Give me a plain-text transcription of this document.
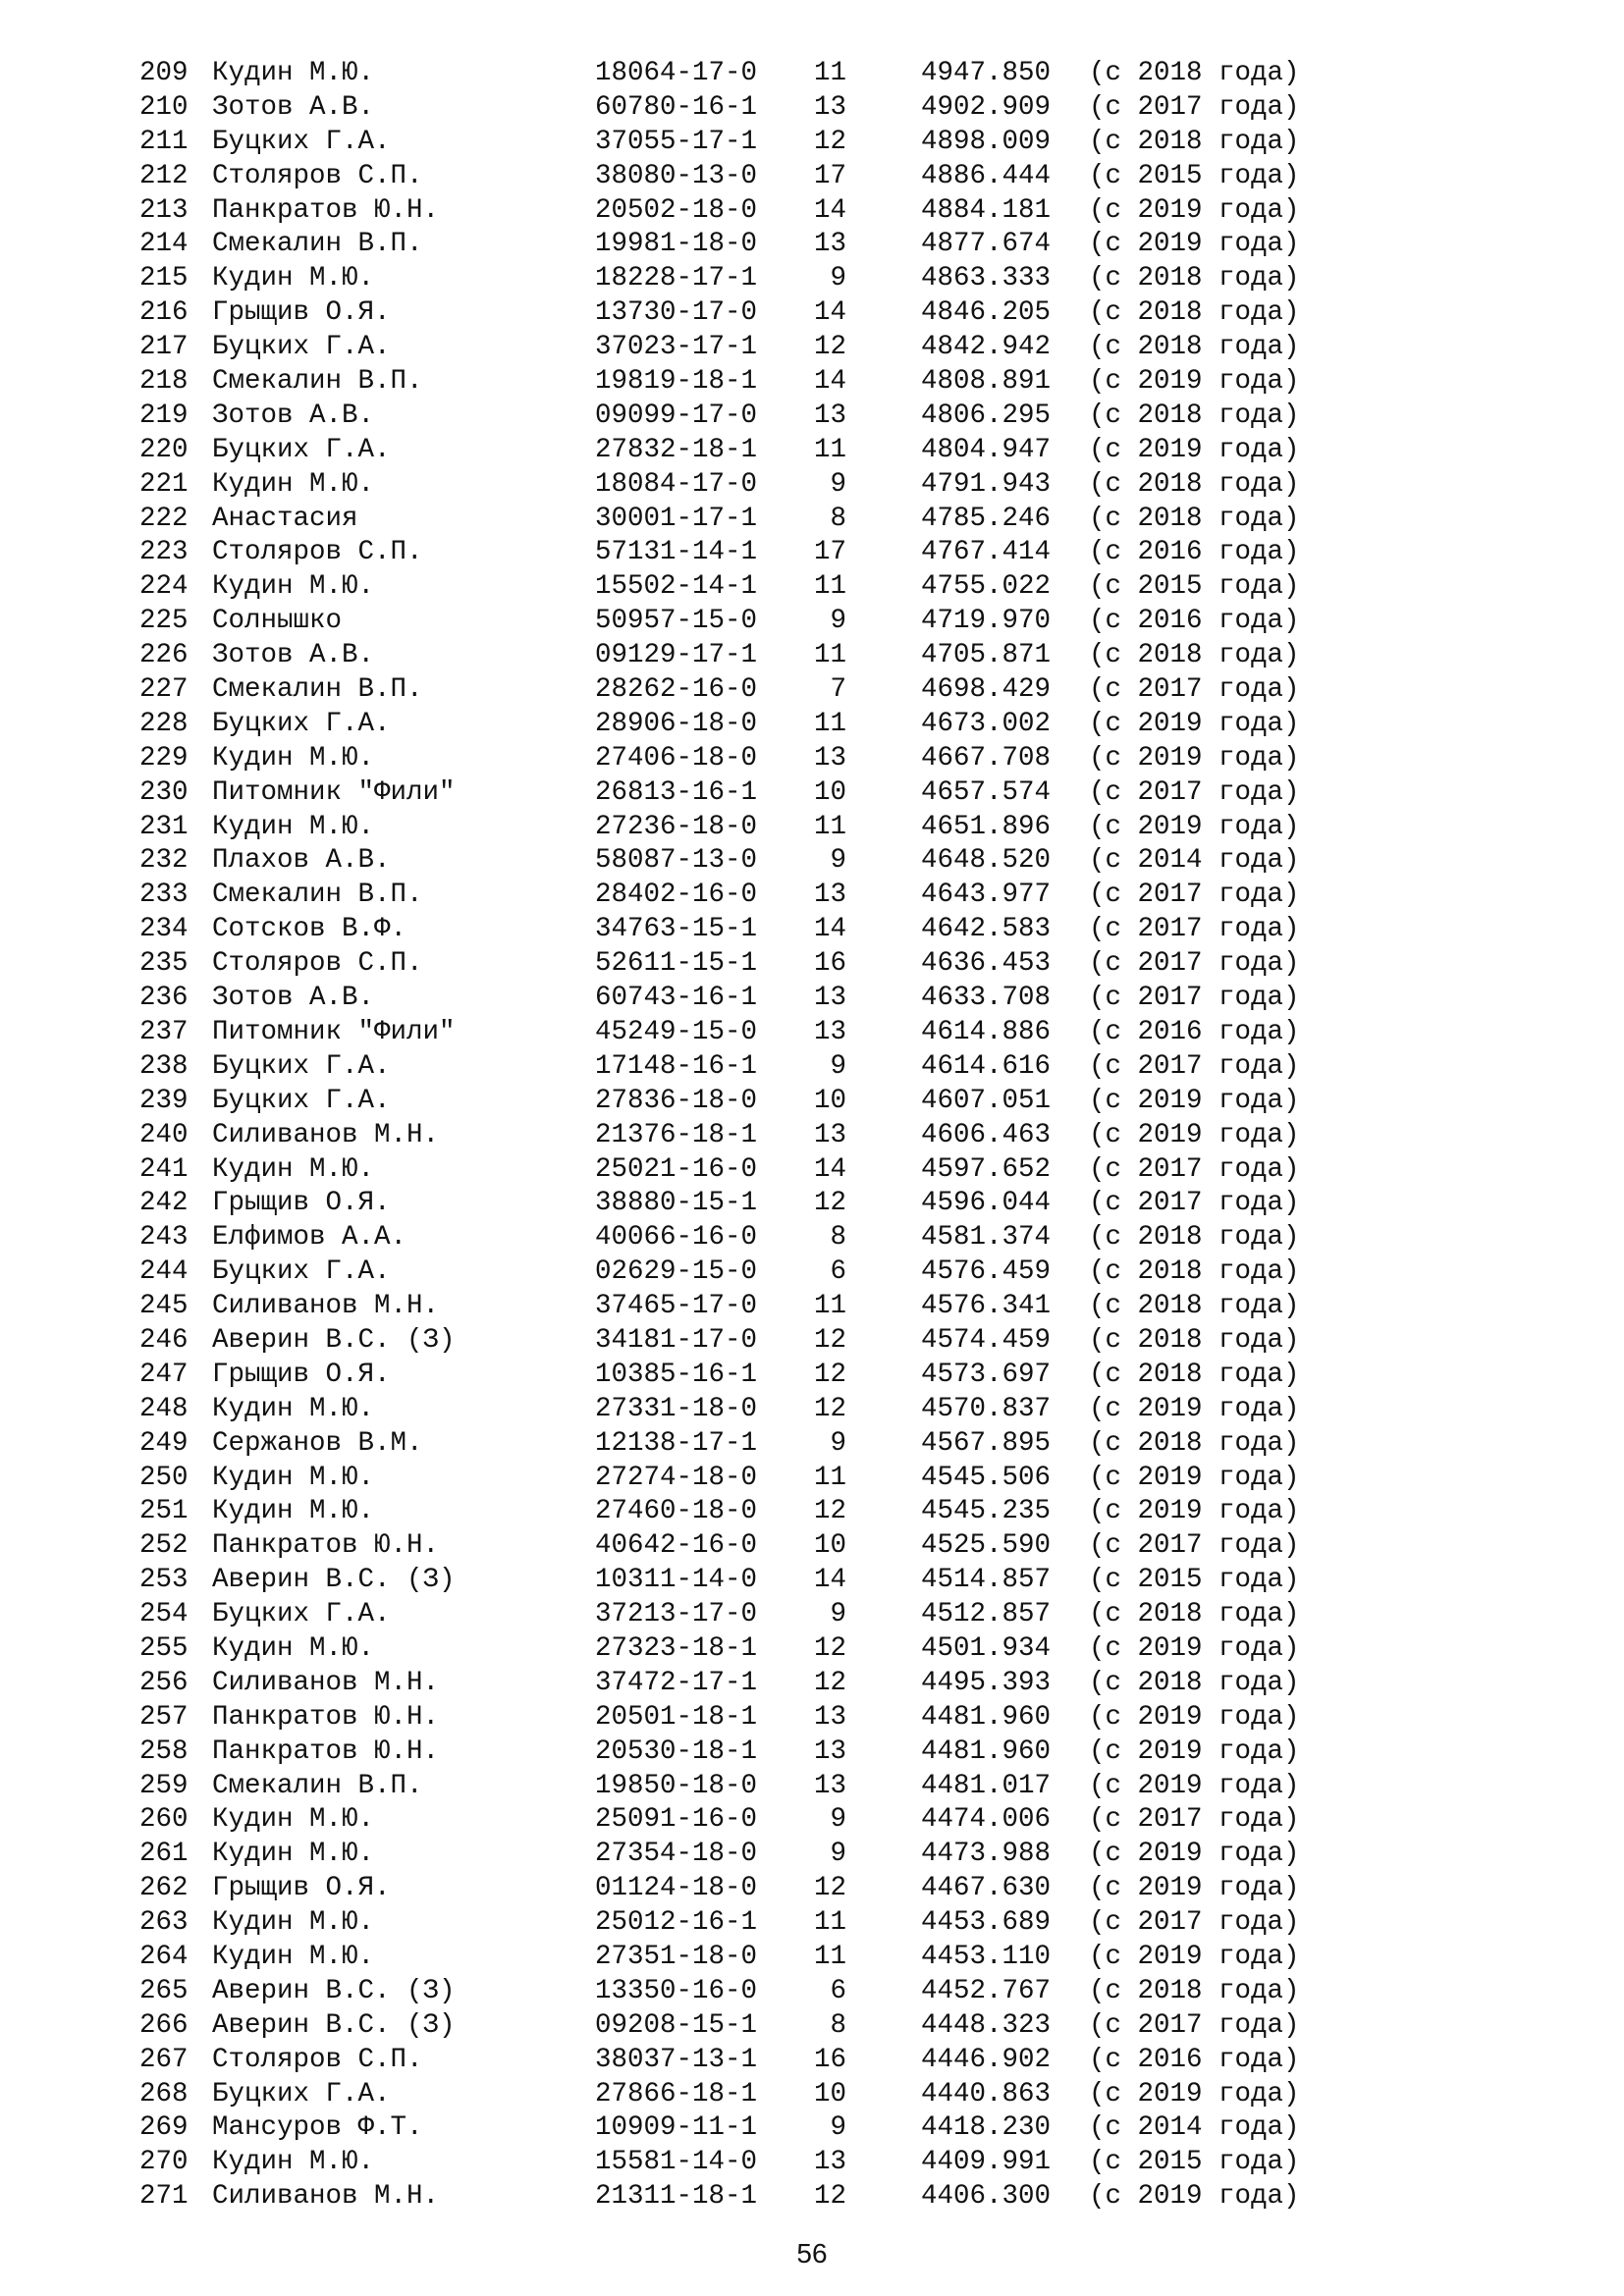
209 Кудин М.Ю.	18064-17-0 11	4947.850 (с 2018 года)
210 Зотов А.В.	60780-16-1 13	4902.909 (с 2017 года)
211 Буцких Г.А.	37055-17-1 12	4898.009 (с 2018 года)
212 Столяров С.П.	38080-13-0 17	4886.444 (с 2015 года)
213 Панкратов Ю.Н.	20502-18-0 14	4884.181 (с 2019 года)
214 Смекалин В.П.	19981-18-0 13	4877.674 (с 2019 года)
215 Кудин М.Ю.	18228-17-1	9	4863.333 (с 2018 года)
216 Грыщив О.Я.	13730-17-0 14	4846.205 (с 2018 года)
217 Буцких Г.А.	37023-17-1 12	4842.942 (с 2018 года)
218 Смекалин В.П.	19819-18-1 14	4808.891 (с 2019 года)
219 Зотов А.В.	09099-17-0 13	4806.295 (с 2018 года)
220 Буцких Г.А.	27832-18-1 11	4804.947 (с 2019 года)
221 Кудин М.Ю.	18084-17-0	9	4791.943 (с 2018 года)
222 Анастасия	30001-17-1	8	4785.246 (с 2018 года)
223 Столяров С.П.	57131-14-1 17	4767.414 (с 2016 года)
224 Кудин М.Ю.	15502-14-1 11	4755.022 (с 2015 года)
225 Солнышко	50957-15-0	9	4719.970 (с 2016 года)
226 Зотов А.В.	09129-17-1 11	4705.871 (с 2018 года)
227 Смекалин В.П.	28262-16-0	7	4698.429 (с 2017 года)
228 Буцких Г.А.	28906-18-0 11	4673.002 (с 2019 года)
229 Кудин М.Ю.	27406-18-0 13	4667.708 (с 2019 года)
230 Питомник "Фили"	26813-16-1 10	4657.574 (с 2017 года)
231 Кудин М.Ю.	27236-18-0 11	4651.896 (с 2019 года)
232 Плахов А.В.	58087-13-0	9	4648.520 (с 2014 года)
233 Смекалин В.П.	28402-16-0 13	4643.977 (с 2017 года)
234 Сотсков В.Ф.	34763-15-1 14	4642.583 (с 2017 года)
235 Столяров С.П.	52611-15-1 16	4636.453 (с 2017 года)
236 Зотов А.В.	60743-16-1 13	4633.708 (с 2017 года)
237 Питомник "Фили"	45249-15-0 13	4614.886 (с 2016 года)
238 Буцких Г.А.	17148-16-1	9	4614.616 (с 2017 года)
239 Буцких Г.А.	27836-18-0 10	4607.051 (с 2019 года)
240 Силиванов М.Н.	21376-18-1 13	4606.463 (с 2019 года)
241 Кудин М.Ю.	25021-16-0 14	4597.652 (с 2017 года)
242 Грыщив О.Я.	38880-15-1 12	4596.044 (с 2017 года)
243 Елфимов А.А.	40066-16-0	8	4581.374 (с 2018 года)
244 Буцких Г.А.	02629-15-0	6	4576.459 (с 2018 года)
245 Силиванов М.Н.	37465-17-0 11	4576.341 (с 2018 года)
246 Аверин В.С. (З)	34181-17-0 12	4574.459 (с 2018 года)
247 Грыщив О.Я.	10385-16-1 12	4573.697 (с 2018 года)
248 Кудин М.Ю.	27331-18-0 12	4570.837 (с 2019 года)
249 Сержанов В.М.	12138-17-1	9	4567.895 (с 2018 года)
250 Кудин М.Ю.	27274-18-0 11	4545.506 (с 2019 года)
251 Кудин М.Ю.	27460-18-0 12	4545.235 (с 2019 года)
252 Панкратов Ю.Н.	40642-16-0 10	4525.590 (с 2017 года)
253 Аверин В.С. (З)	10311-14-0 14	4514.857 (с 2015 года)
254 Буцких Г.А.	37213-17-0	9	4512.857 (с 2018 года)
255 Кудин М.Ю.	27323-18-1 12	4501.934 (с 2019 года)
256 Силиванов М.Н.	37472-17-1 12	4495.393 (с 2018 года)
257 Панкратов Ю.Н.	20501-18-1 13	4481.960 (с 2019 года)
258 Панкратов Ю.Н.	20530-18-1 13	4481.960 (с 2019 года)
259 Смекалин В.П.	19850-18-0 13	4481.017 (с 2019 года)
260 Кудин М.Ю.	25091-16-0	9	4474.006 (с 2017 года)
261 Кудин М.Ю.	27354-18-0	9	4473.988 (с 2019 года)
262 Грыщив О.Я.	01124-18-0 12	4467.630 (с 2019 года)
263 Кудин М.Ю.	25012-16-1 11	4453.689 (с 2017 года)
264 Кудин М.Ю.	27351-18-0 11	4453.110 (с 2019 года)
265 Аверин В.С. (З)	13350-16-0	6	4452.767 (с 2018 года)
266 Аверин В.С. (З)	09208-15-1	8	4448.323 (с 2017 года)
267 Столяров С.П.	38037-13-1 16	4446.902 (с 2016 года)
268 Буцких Г.А.	27866-18-1 10	4440.863 (с 2019 года)
269 Мансуров Ф.Т.	10909-11-1	9	4418.230 (с 2014 года)
270 Кудин М.Ю.	15581-14-0 13	4409.991 (с 2015 года)
271 Силиванов М.Н.	21311-18-1 12	4406.300 (с 2019 года)
56
